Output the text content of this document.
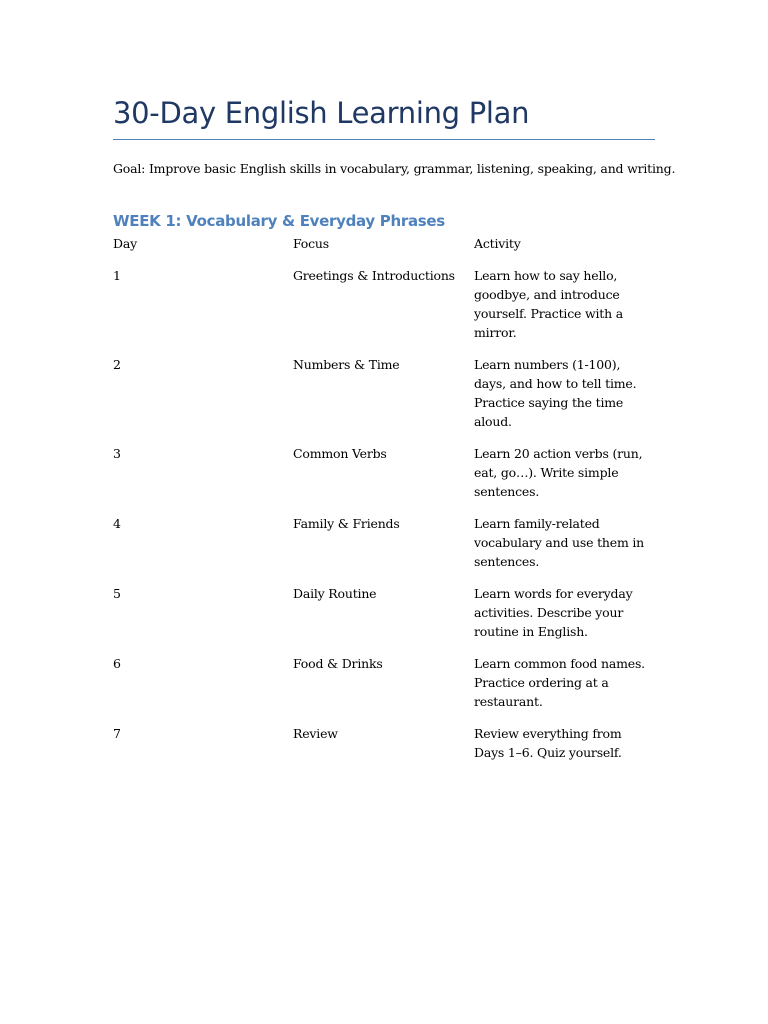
30-Day English Learning Plan
Goal: Improve basic English skills in vocabulary, grammar, listening, speaking, and writing.
WEEK 1: Vocabulary & Everyday Phrases
Day	Focus	Activity
1	Greetings & Introductions	Learn how to say hello, goodbye, and introduce yourself. Practice with a mirror.
2	Numbers & Time	Learn numbers (1-100), days, and how to tell time. Practice saying the time aloud.
3	Common Verbs	Learn 20 action verbs (run, eat, go…). Write simple sentences.
4	Family & Friends	Learn family-related vocabulary and use them in sentences.
5	Daily Routine	Learn words for everyday activities. Describe your routine in English.
6	Food & Drinks	Learn common food names. Practice ordering at a restaurant.
7	Review	Review everything from Days 1–6. Quiz yourself.
